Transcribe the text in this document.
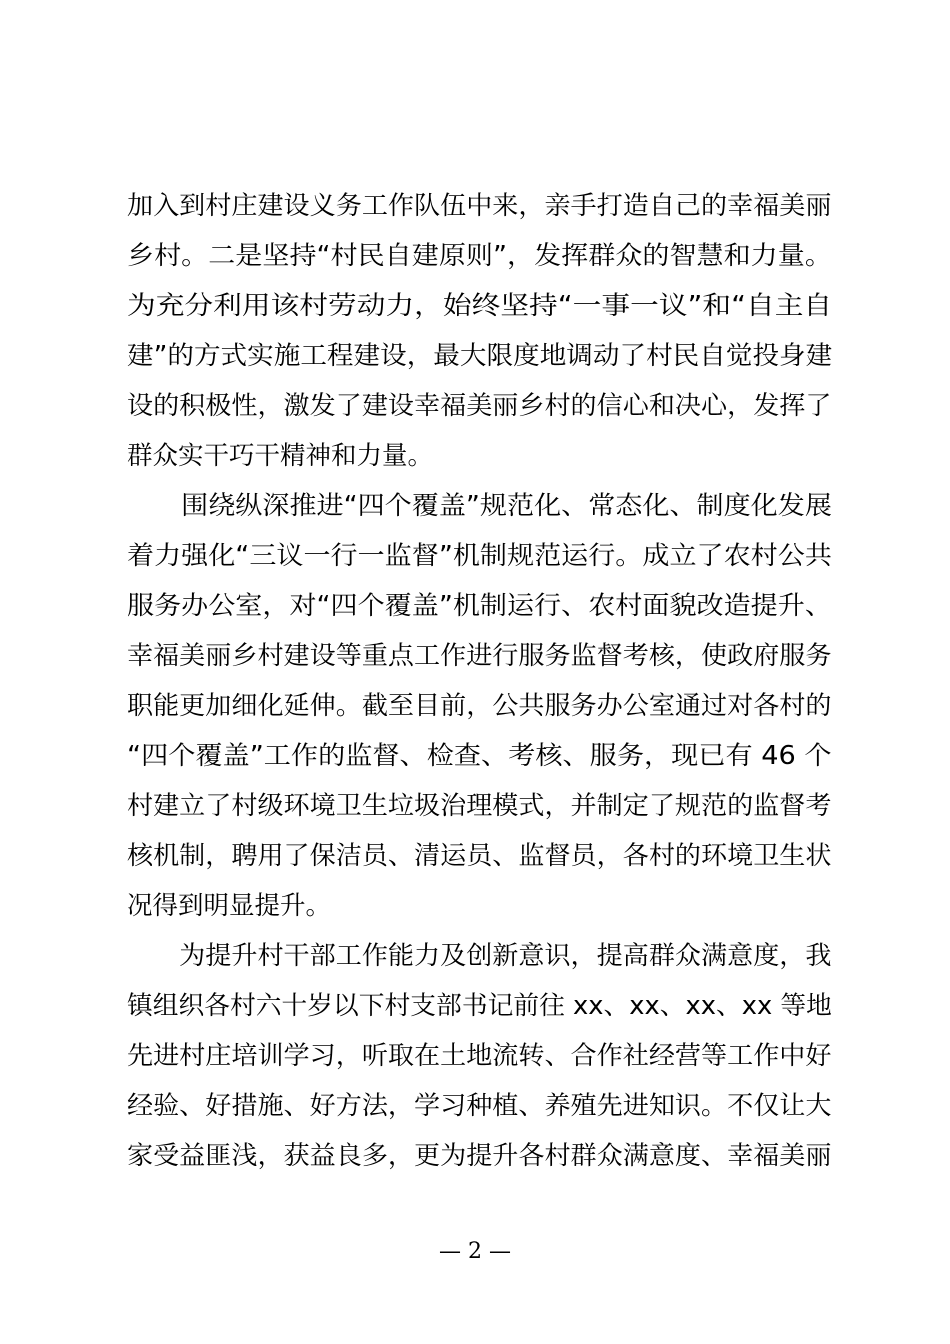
加入到村庄建设义务工作队伍中来，亲手打造自己的幸福美丽
乡村。二是坚持“村民自建原则”，发挥群众的智慧和力量。
为充分利用该村劳动力，始终坚持“一事一议”和“自主自
建”的方式实施工程建设，最大限度地调动了村民自觉投身建
设的积极性，激发了建设幸福美丽乡村的信心和决心，发挥了
群众实干巧干精神和力量。
　　围绕纵深推进“四个覆盖”规范化、常态化、制度化发展
着力强化“三议一行一监督”机制规范运行。成立了农村公共
服务办公室，对“四个覆盖”机制运行、农村面貌改造提升、
幸福美丽乡村建设等重点工作进行服务监督考核，使政府服务
职能更加细化延伸。截至目前，公共服务办公室通过对各村的
“四个覆盖”工作的监督、检查、考核、服务，现已有 46 个
村建立了村级环境卫生垃圾治理模式，并制定了规范的监督考
核机制，聘用了保洁员、清运员、监督员，各村的环境卫生状
况得到明显提升。
　　为提升村干部工作能力及创新意识，提高群众满意度，我
镇组织各村六十岁以下村支部书记前往 xx、xx、xx、xx 等地
先进村庄培训学习，听取在土地流转、合作社经营等工作中好
经验、好措施、好方法，学习种植、养殖先进知识。不仅让大
家受益匪浅，获益良多，更为提升各村群众满意度、幸福美丽
— 2 —
